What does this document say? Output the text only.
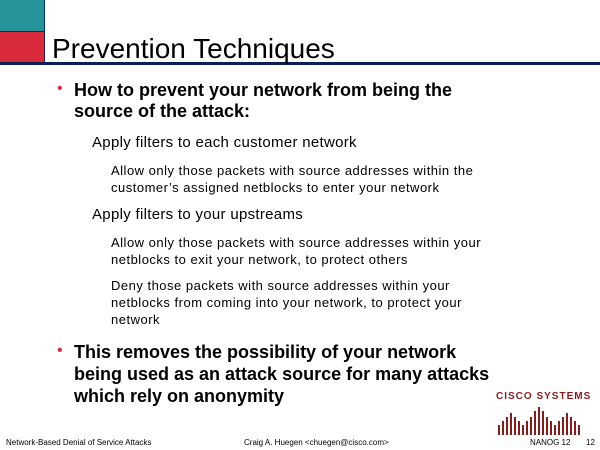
Prevention Techniques
• How to prevent your network from being the
source of the attack:
Apply filters to each customer network
Allow only those packets with source addresses within the
customer’s assigned netblocks to enter your network
Apply filters to your upstreams
Allow only those packets with source addresses within your
netblocks to exit your network, to protect others
Deny those packets with source addresses within your
netblocks from coming into your network, to protect your
network
• This removes the possibility of your network
being used as an attack source for many attacks
which rely on anonymity	CISCO SYSTEMS
Network-Based Denial of Service Attacks	Craig A. Huegen <chuegen@cisco.com>	NANOG 12 12
